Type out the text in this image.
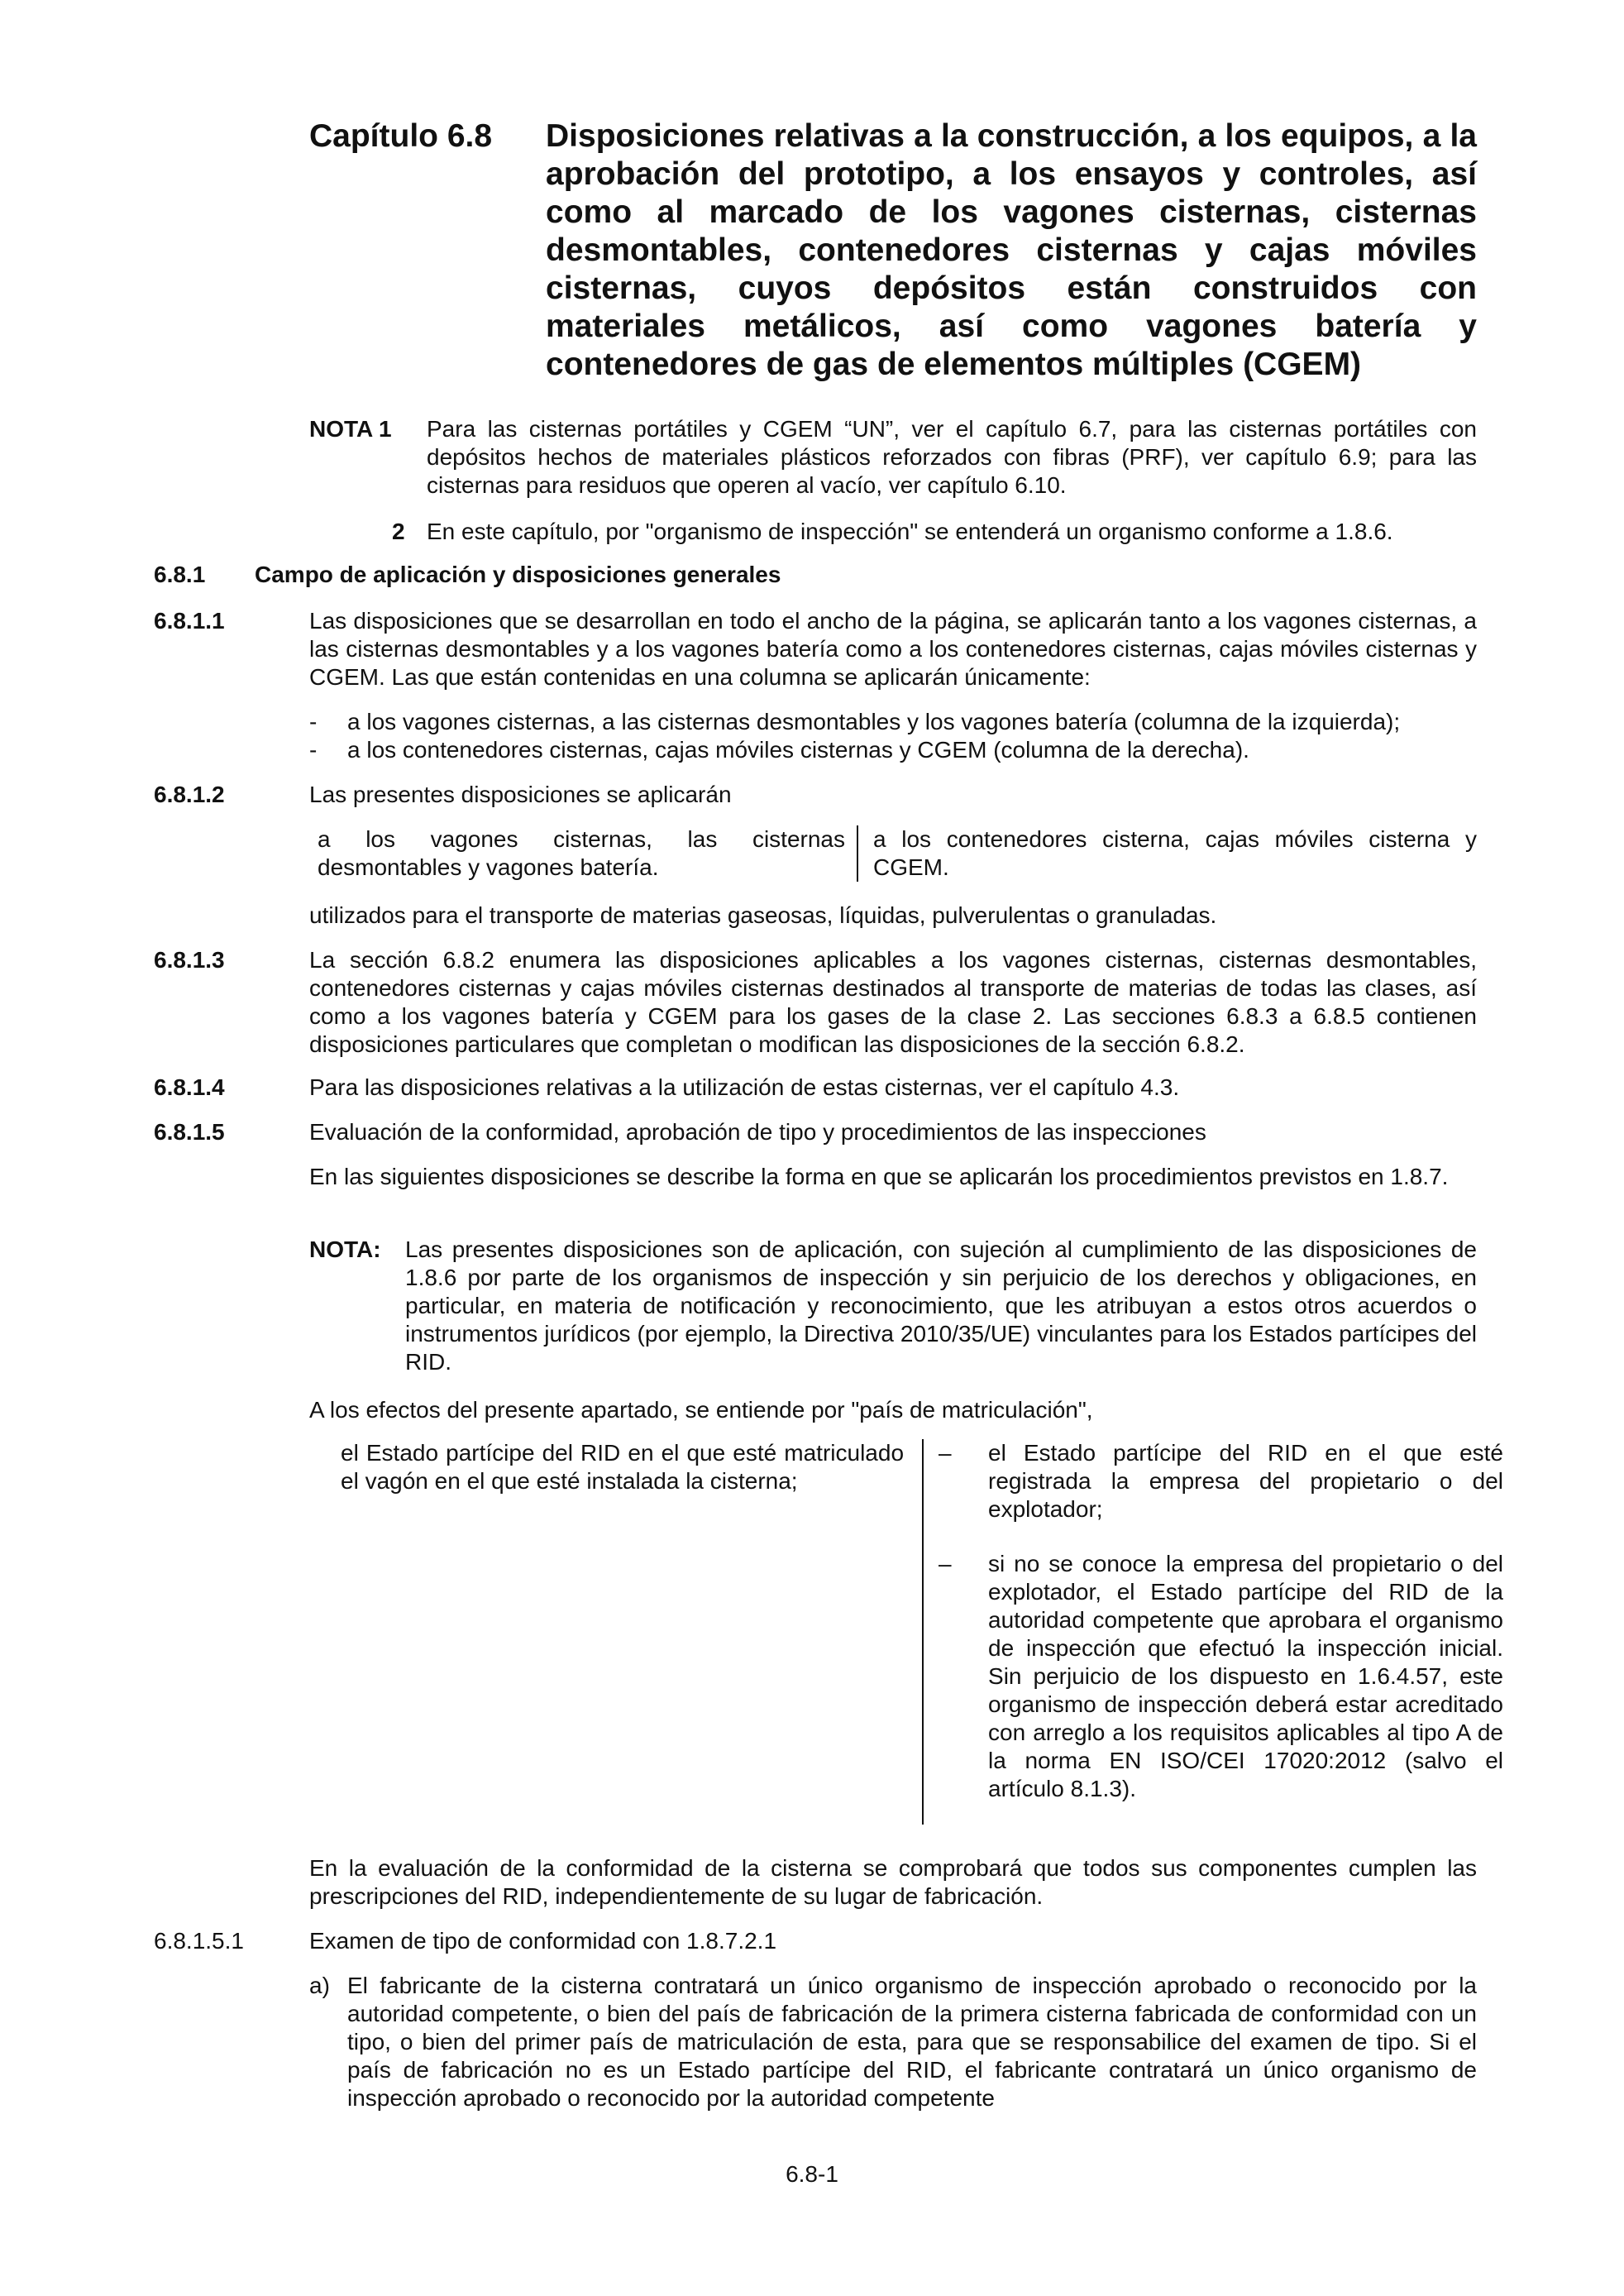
Capítulo 6.8 Disposiciones relativas a la construcción, a los equipos, a la aprobación del prototipo, a los ensayos y controles, así como al marcado de los vagones cisternas, cisternas desmontables, contenedores cisternas y cajas móviles cisternas, cuyos depósitos están construidos con materiales metálicos, así como vagones batería y contenedores de gas de elementos múltiples (CGEM)
NOTA 1 Para las cisternas portátiles y CGEM “UN”, ver el capítulo 6.7, para las cisternas portátiles con depósitos hechos de materiales plásticos reforzados con fibras (PRF), ver capítulo 6.9; para las cisternas para residuos que operen al vacío, ver capítulo 6.10.
2 En este capítulo, por "organismo de inspección" se entenderá un organismo conforme a 1.8.6.
6.8.1 Campo de aplicación y disposiciones generales
6.8.1.1	Las disposiciones que se desarrollan en todo el ancho de la página, se aplicarán tanto a los vagones cisternas, a las cisternas desmontables y a los vagones batería como a los contenedores cisternas, cajas móviles cisternas y CGEM. Las que están contenidas en una columna se aplicarán únicamente:
- a los vagones cisternas, a las cisternas desmontables y los vagones batería (columna de la izquierda);
- a los contenedores cisternas, cajas móviles cisternas y CGEM (columna de la derecha).
6.8.1.2	Las presentes disposiciones se aplicarán
a los vagones cisternas, las cisternas desmontables y vagones batería.
a los contenedores cisterna, cajas móviles cisterna y CGEM.
utilizados para el transporte de materias gaseosas, líquidas, pulverulentas o granuladas.
6.8.1.3	La sección 6.8.2 enumera las disposiciones aplicables a los vagones cisternas, cisternas desmontables, contenedores cisternas y cajas móviles cisternas destinados al transporte de materias de todas las clases, así como a los vagones batería y CGEM para los gases de la clase 2. Las secciones 6.8.3 a 6.8.5 contienen disposiciones particulares que completan o modifican las disposiciones de la sección 6.8.2.
6.8.1.4	Para las disposiciones relativas a la utilización de estas cisternas, ver el capítulo 4.3.
6.8.1.5	Evaluación de la conformidad, aprobación de tipo y procedimientos de las inspecciones
En las siguientes disposiciones se describe la forma en que se aplicarán los procedimientos previstos en 1.8.7.
NOTA: Las presentes disposiciones son de aplicación, con sujeción al cumplimiento de las disposiciones de 1.8.6 por parte de los organismos de inspección y sin perjuicio de los derechos y obligaciones, en particular, en materia de notificación y reconocimiento, que les atribuyan a estos otros acuerdos o instrumentos jurídicos (por ejemplo, la Directiva 2010/35/UE) vinculantes para los Estados partícipes del RID.
A los efectos del presente apartado, se entiende por "país de matriculación",
el Estado partícipe del RID en el que esté matriculado el vagón en el que esté instalada la cisterna;
– el Estado partícipe del RID en el que esté registrada la empresa del propietario o del explotador;
– si no se conoce la empresa del propietario o del explotador, el Estado partícipe del RID de la autoridad competente que aprobara el organismo de inspección que efectuó la inspección inicial. Sin perjuicio de los dispuesto en 1.6.4.57, este organismo de inspección deberá estar acreditado con arreglo a los requisitos aplicables al tipo A de la norma EN ISO/CEI 17020:2012 (salvo el artículo 8.1.3).
En la evaluación de la conformidad de la cisterna se comprobará que todos sus componentes cumplen las prescripciones del RID, independientemente de su lugar de fabricación.
6.8.1.5.1	Examen de tipo de conformidad con 1.8.7.2.1
a) El fabricante de la cisterna contratará un único organismo de inspección aprobado o reconocido por la autoridad competente, o bien del país de fabricación de la primera cisterna fabricada de conformidad con un tipo, o bien del primer país de matriculación de esta, para que se responsabilice del examen de tipo. Si el país de fabricación no es un Estado partícipe del RID, el fabricante contratará un único organismo de inspección aprobado o reconocido por la autoridad competente
6.8-1
